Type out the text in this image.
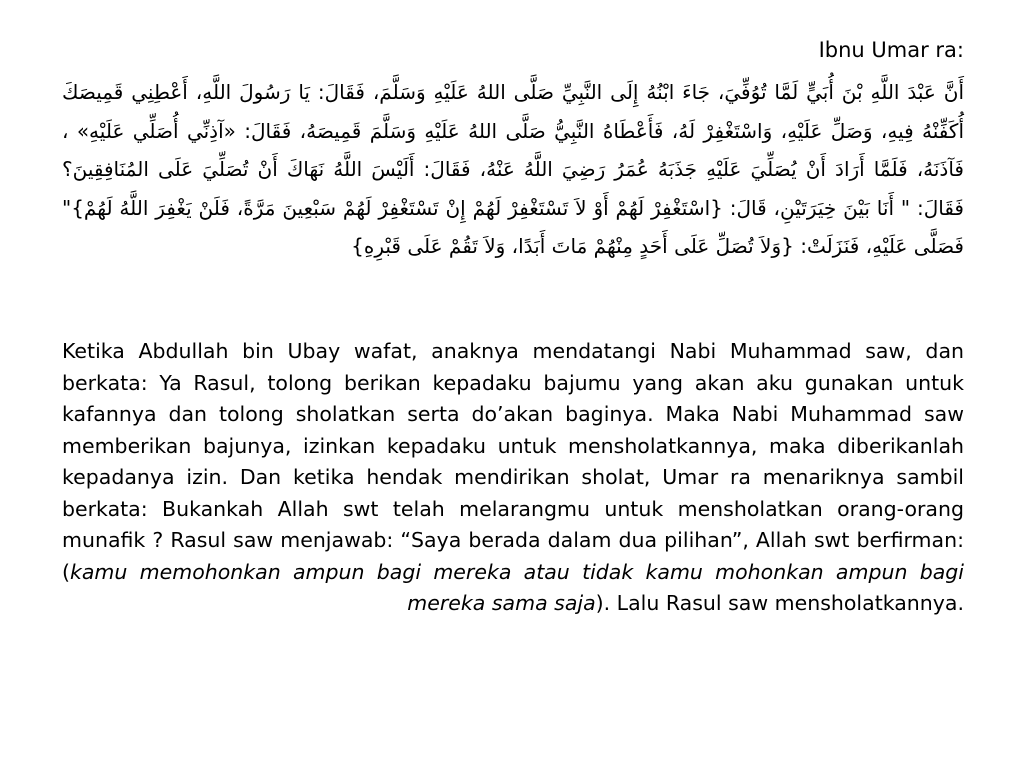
Ibnu Umar ra:

أَنَّ عَبْدَ اللَّهِ بْنَ أُبَيٍّ لَمَّا تُوُفِّيَ، جَاءَ ابْنُهُ إِلَى النَّبِيِّ صَلَّى اللهُ عَلَيْهِ وَسَلَّمَ، فَقَالَ: يَا رَسُولَ اللَّهِ، أَعْطِنِي قَمِيصَكَ أُكَفِّنْهُ فِيهِ، وَصَلِّ عَلَيْهِ، وَاسْتَغْفِرْ لَهُ، فَأَعْطَاهُ النَّبِيُّ صَلَّى اللهُ عَلَيْهِ وَسَلَّمَ قَمِيصَهُ، فَقَالَ: «آذِنِّي أُصَلِّي عَلَيْهِ» ، فَآذَنَهُ، فَلَمَّا أَرَادَ أَنْ يُصَلِّيَ عَلَيْهِ جَذَبَهُ عُمَرُ رَضِيَ اللَّهُ عَنْهُ، فَقَالَ: أَلَيْسَ اللَّهُ نَهَاكَ أَنْ تُصَلِّيَ عَلَى المُنَافِقِينَ؟ فَقَالَ: " أَنَا بَيْنَ خِيَرَتَيْنِ، قَالَ: {اسْتَغْفِرْ لَهُمْ أَوْ لاَ تَسْتَغْفِرْ لَهُمْ إِنْ تَسْتَغْفِرْ لَهُمْ سَبْعِينَ مَرَّةً، فَلَنْ يَغْفِرَ اللَّهُ لَهُمْ}" فَصَلَّى عَلَيْهِ، فَنَزَلَتْ: {وَلاَ تُصَلِّ عَلَى أَحَدٍ مِنْهُمْ مَاتَ أَبَدًا، وَلاَ تَقُمْ عَلَى قَبْرِهِ}

Ketika Abdullah bin Ubay wafat, anaknya mendatangi Nabi Muhammad saw, dan berkata: Ya Rasul, tolong berikan kepadaku bajumu yang akan aku gunakan untuk kafannya dan tolong sholatkan serta do’akan baginya. Maka Nabi Muhammad saw memberikan bajunya, izinkan kepadaku untuk mensholatkannya, maka diberikanlah kepadanya izin. Dan ketika hendak mendirikan sholat, Umar ra menariknya sambil berkata: Bukankah Allah swt telah melarangmu untuk mensholatkan orang-orang munafik ? Rasul saw menjawab: “Saya berada dalam dua pilihan”, Allah swt berfirman: (kamu memohonkan ampun bagi mereka atau tidak kamu mohonkan ampun bagi mereka sama saja). Lalu Rasul saw mensholatkannya.
